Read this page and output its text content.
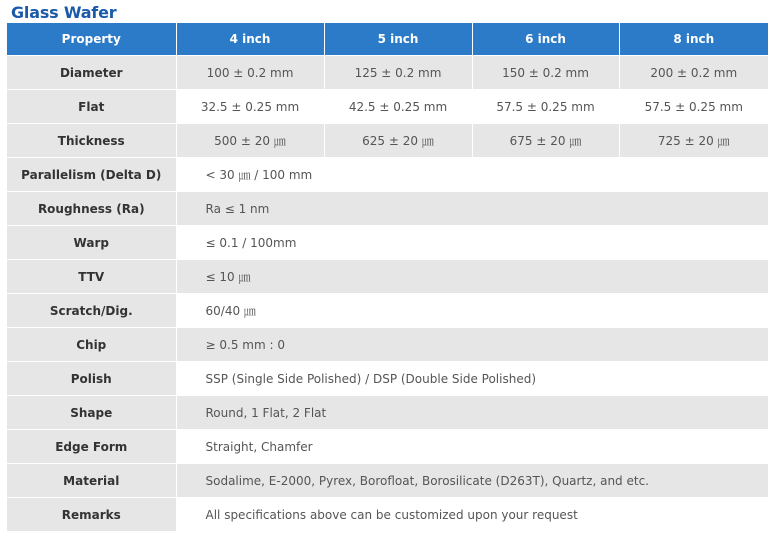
Glass Wafer
Property	4 inch	5 inch	6 inch	8 inch
Diameter	100 ± 0.2 mm	125 ± 0.2 mm	150 ± 0.2 mm	200 ± 0.2 mm
Flat	32.5 ± 0.25 mm	42.5 ± 0.25 mm	57.5 ± 0.25 mm	57.5 ± 0.25 mm
Thickness	500 ± 20 ㎛	625 ± 20 ㎛	675 ± 20 ㎛	725 ± 20 ㎛
Parallelism (Delta D)	< 30 ㎛ / 100 mm			
Roughness (Ra)	Ra ≤ 1 nm			
Warp	≤ 0.1 / 100mm			
TTV	≤ 10 ㎛			
Scratch/Dig.	60/40 ㎛			
Chip	≥ 0.5 mm : 0			
Polish	SSP (Single Side Polished) / DSP (Double Side Polished)			
Shape	Round, 1 Flat, 2 Flat			
Edge Form	Straight, Chamfer			
Material	Sodalime, E-2000, Pyrex, Borofloat, Borosilicate (D263T), Quartz, and etc.			
Remarks	All specifications above can be customized upon your request			
